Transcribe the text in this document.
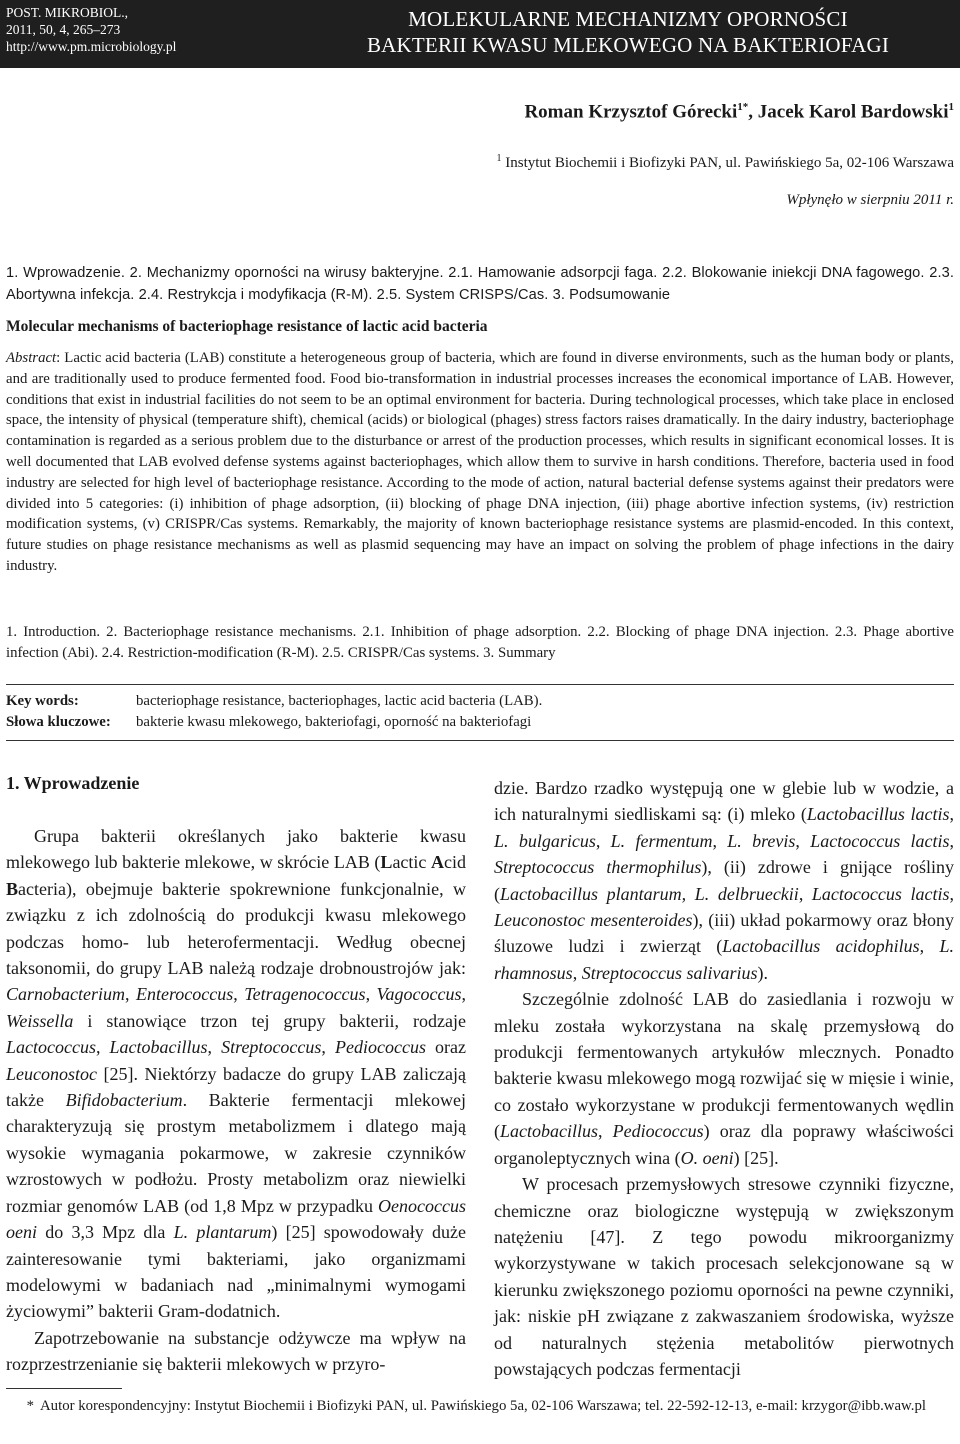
POST. MIKROBIOL.,
2011, 50, 4, 265–273
http://www.pm.microbiology.pl
MOLEKULARNE MECHANIZMY OPORNOŚCI
BAKTERII KWASU MLEKOWEGO NA BAKTERIOFAGI
Roman Krzysztof Górecki$^{1*}$, Jacek Karol Bardowski$^1$
$^1$ Instytut Biochemii i Biofizyki PAN, ul. Pawińskiego 5a, 02-106 Warszawa
Wpłynęło w sierpniu 2011 r.
1. Wprowadzenie. 2. Mechanizmy oporności na wirusy bakteryjne. 2.1. Hamowanie adsorpcji faga. 2.2. Blokowanie iniekcji DNA fagowego. 2.3. Abortywna infekcja. 2.4. Restrykcja i modyfikacja (R-M). 2.5. System CRISPS/Cas. 3. Podsumowanie
Molecular mechanisms of bacteriophage resistance of lactic acid bacteria
Abstract: Lactic acid bacteria (LAB) constitute a heterogeneous group of bacteria, which are found in diverse environments, such as the human body or plants, and are traditionally used to produce fermented food. Food bio-transformation in industrial processes increases the economical importance of LAB. However, conditions that exist in industrial facilities do not seem to be an optimal environment for bacteria. During technological processes, which take place in enclosed space, the intensity of physical (temperature shift), chemical (acids) or biological (phages) stress factors raises dramatically. In the dairy industry, bacteriophage contamination is regarded as a serious problem due to the disturbance or arrest of the production processes, which results in significant economical losses. It is well documented that LAB evolved defense systems against bacteriophages, which allow them to survive in harsh conditions. Therefore, bacteria used in food industry are selected for high level of bacteriophage resistance. According to the mode of action, natural bacterial defense systems against their predators were divided into 5 categories: (i) inhibition of phage adsorption, (ii) blocking of phage DNA injection, (iii) phage abortive infection systems, (iv) restriction modification systems, (v) CRISPR/Cas systems. Remarkably, the majority of known bacteriophage resistance systems are plasmid-encoded. In this context, future studies on phage resistance mechanisms as well as plasmid sequencing may have an impact on solving the problem of phage infections in the dairy industry.
1. Introduction. 2. Bacteriophage resistance mechanisms. 2.1. Inhibition of phage adsorption. 2.2. Blocking of phage DNA injection. 2.3. Phage abortive infection (Abi). 2.4. Restriction-modification (R-M). 2.5. CRISPR/Cas systems. 3. Summary
Key words:	bacteriophage resistance, bacteriophages, lactic acid bacteria (LAB).
Słowa kluczowe: bakterie kwasu mlekowego, bakteriofagi, oporność na bakteriofagi
1. Wprowadzenie

Grupa bakterii określanych jako bakterie kwasu mlekowego lub bakterie mlekowe, w skrócie LAB (Lactic Acid Bacteria), obejmuje bakterie spokrewnione funkcjonalnie, w związku z ich zdolnością do produkcji kwasu mlekowego podczas homo- lub heterofermentacji. Według obecnej taksonomii, do grupy LAB należą rodzaje drobnoustrojów jak: Carnobacterium, Enterococcus, Tetragenococcus, Vagococcus, Weissella i stanowiące trzon tej grupy bakterii, rodzaje Lactococcus, Lactobacillus, Streptococcus, Pediococcus oraz Leuconostoc [25]. Niektórzy badacze do grupy LAB zaliczają także Bifidobacterium. Bakterie fermentacji mlekowej charakteryzują się prostym metabolizmem i dlatego mają wysokie wymagania pokarmowe, w zakresie czynników wzrostowych w podłożu. Prosty metabolizm oraz niewielki rozmiar genomów LAB (od 1,8 Mpz w przypadku Oenococcus oeni do 3,3 Mpz dla L. plantarum) [25] spowodowały duże zainteresowanie tymi bakteriami, jako organizmami modelowymi w badaniach nad „minimalnymi wymogami życiowymi” bakterii Gram-dodatnich.

Zapotrzebowanie na substancje odżywcze ma wpływ na rozprzestrzenianie się bakterii mlekowych w przyro-

dzie. Bardzo rzadko występują one w glebie lub w wodzie, a ich naturalnymi siedliskami są: (i) mleko (Lactobacillus lactis, L. bulgaricus, L. fermentum, L. brevis, Lactococcus lactis, Streptococcus thermophilus), (ii) zdrowe i gnijące rośliny (Lactobacillus plantarum, L. delbrueckii, Lactococcus lactis, Leuconostoc mesenteroides), (iii) układ pokarmowy oraz błony śluzowe ludzi i zwierząt (Lactobacillus acidophilus, L. rhamnosus, Streptococcus salivarius).

Szczególnie zdolność LAB do zasiedlania i rozwoju w mleku została wykorzystana na skalę przemysłową do produkcji fermentowanych artykułów mlecznych. Ponadto bakterie kwasu mlekowego mogą rozwijać się w mięsie i winie, co zostało wykorzystane w produkcji fermentowanych wędlin (Lactobacillus, Pediococcus) oraz dla poprawy właściwości organoleptycznych wina (O. oeni) [25].

W procesach przemysłowych stresowe czynniki fizyczne, chemiczne oraz biologiczne występują w zwiększonym natężeniu [47]. Z tego powodu mikroorganizmy wykorzystywane w takich procesach selekcjonowane są w kierunku zwiększonego poziomu oporności na pewne czynniki, jak: niskie pH związane z zakwaszaniem środowiska, wyższe od naturalnych stężenia metabolitów pierwotnych powstających podczas fermentacji

* Autor korespondencyjny: Instytut Biochemii i Biofizyki PAN, ul. Pawińskiego 5a, 02-106 Warszawa; tel. 22-592-12-13, e-mail: krzygor@ibb.waw.pl
